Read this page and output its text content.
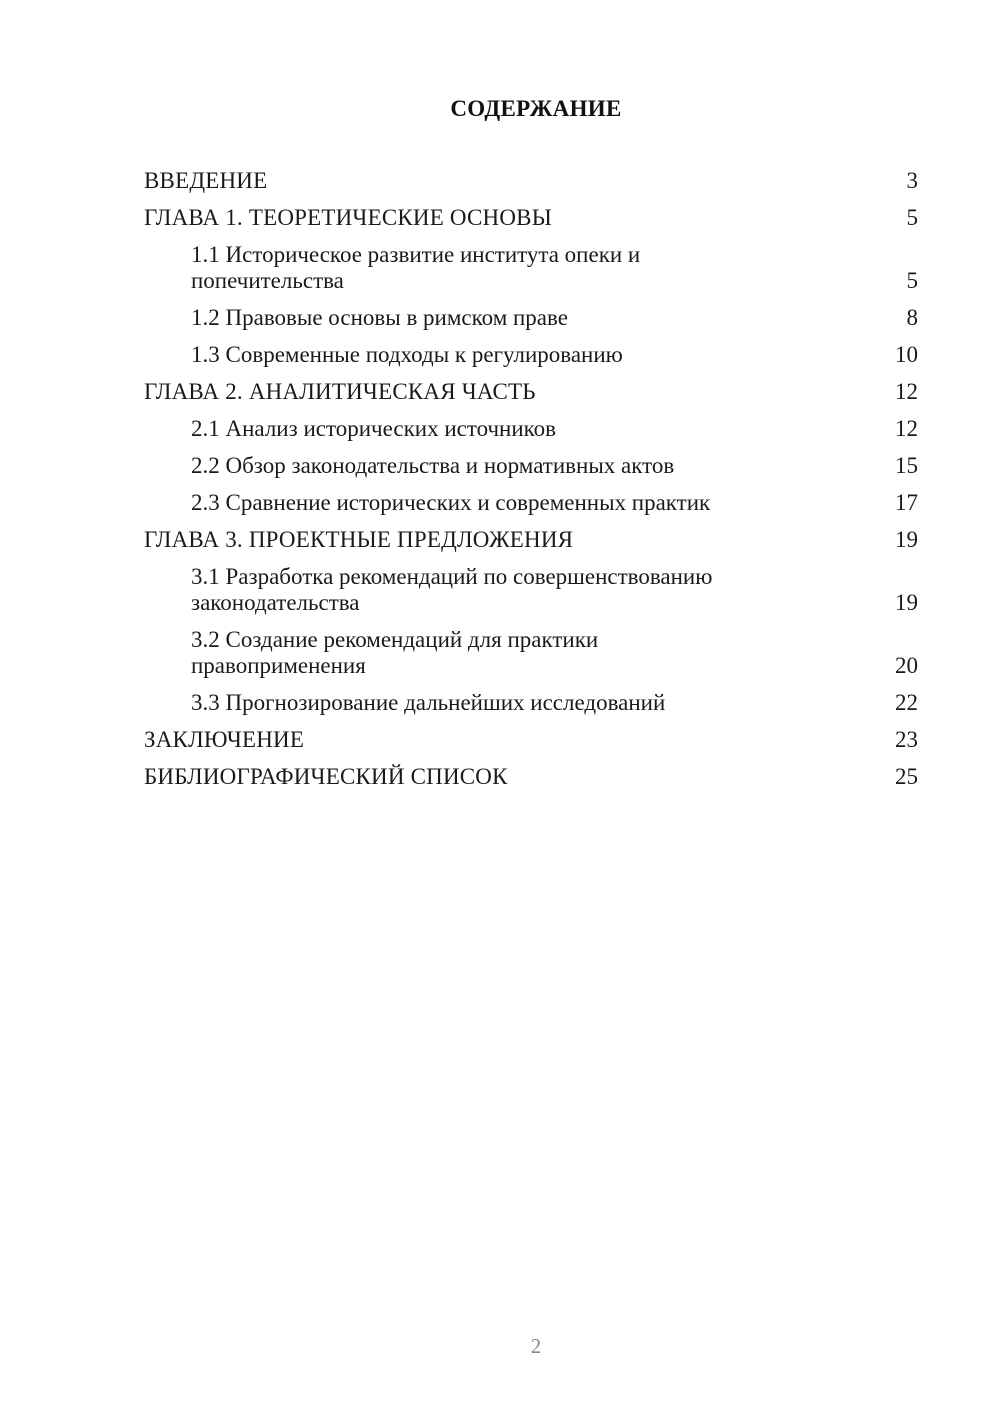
СОДЕРЖАНИЕ
ВВЕДЕНИЕ	3
ГЛАВА 1. ТЕОРЕТИЧЕСКИЕ ОСНОВЫ	5
1.1 Историческое развитие института опеки и попечительства	5
1.2 Правовые основы в римском праве	8
1.3 Современные подходы к регулированию	10
ГЛАВА 2. АНАЛИТИЧЕСКАЯ ЧАСТЬ	12
2.1 Анализ исторических источников	12
2.2 Обзор законодательства и нормативных актов	15
2.3 Сравнение исторических и современных практик	17
ГЛАВА 3. ПРОЕКТНЫЕ ПРЕДЛОЖЕНИЯ	19
3.1 Разработка рекомендаций по совершенствованию законодательства	19
3.2 Создание рекомендаций для практики правоприменения	20
3.3 Прогнозирование дальнейших исследований	22
ЗАКЛЮЧЕНИЕ	23
БИБЛИОГРАФИЧЕСКИЙ СПИСОК	25
2
